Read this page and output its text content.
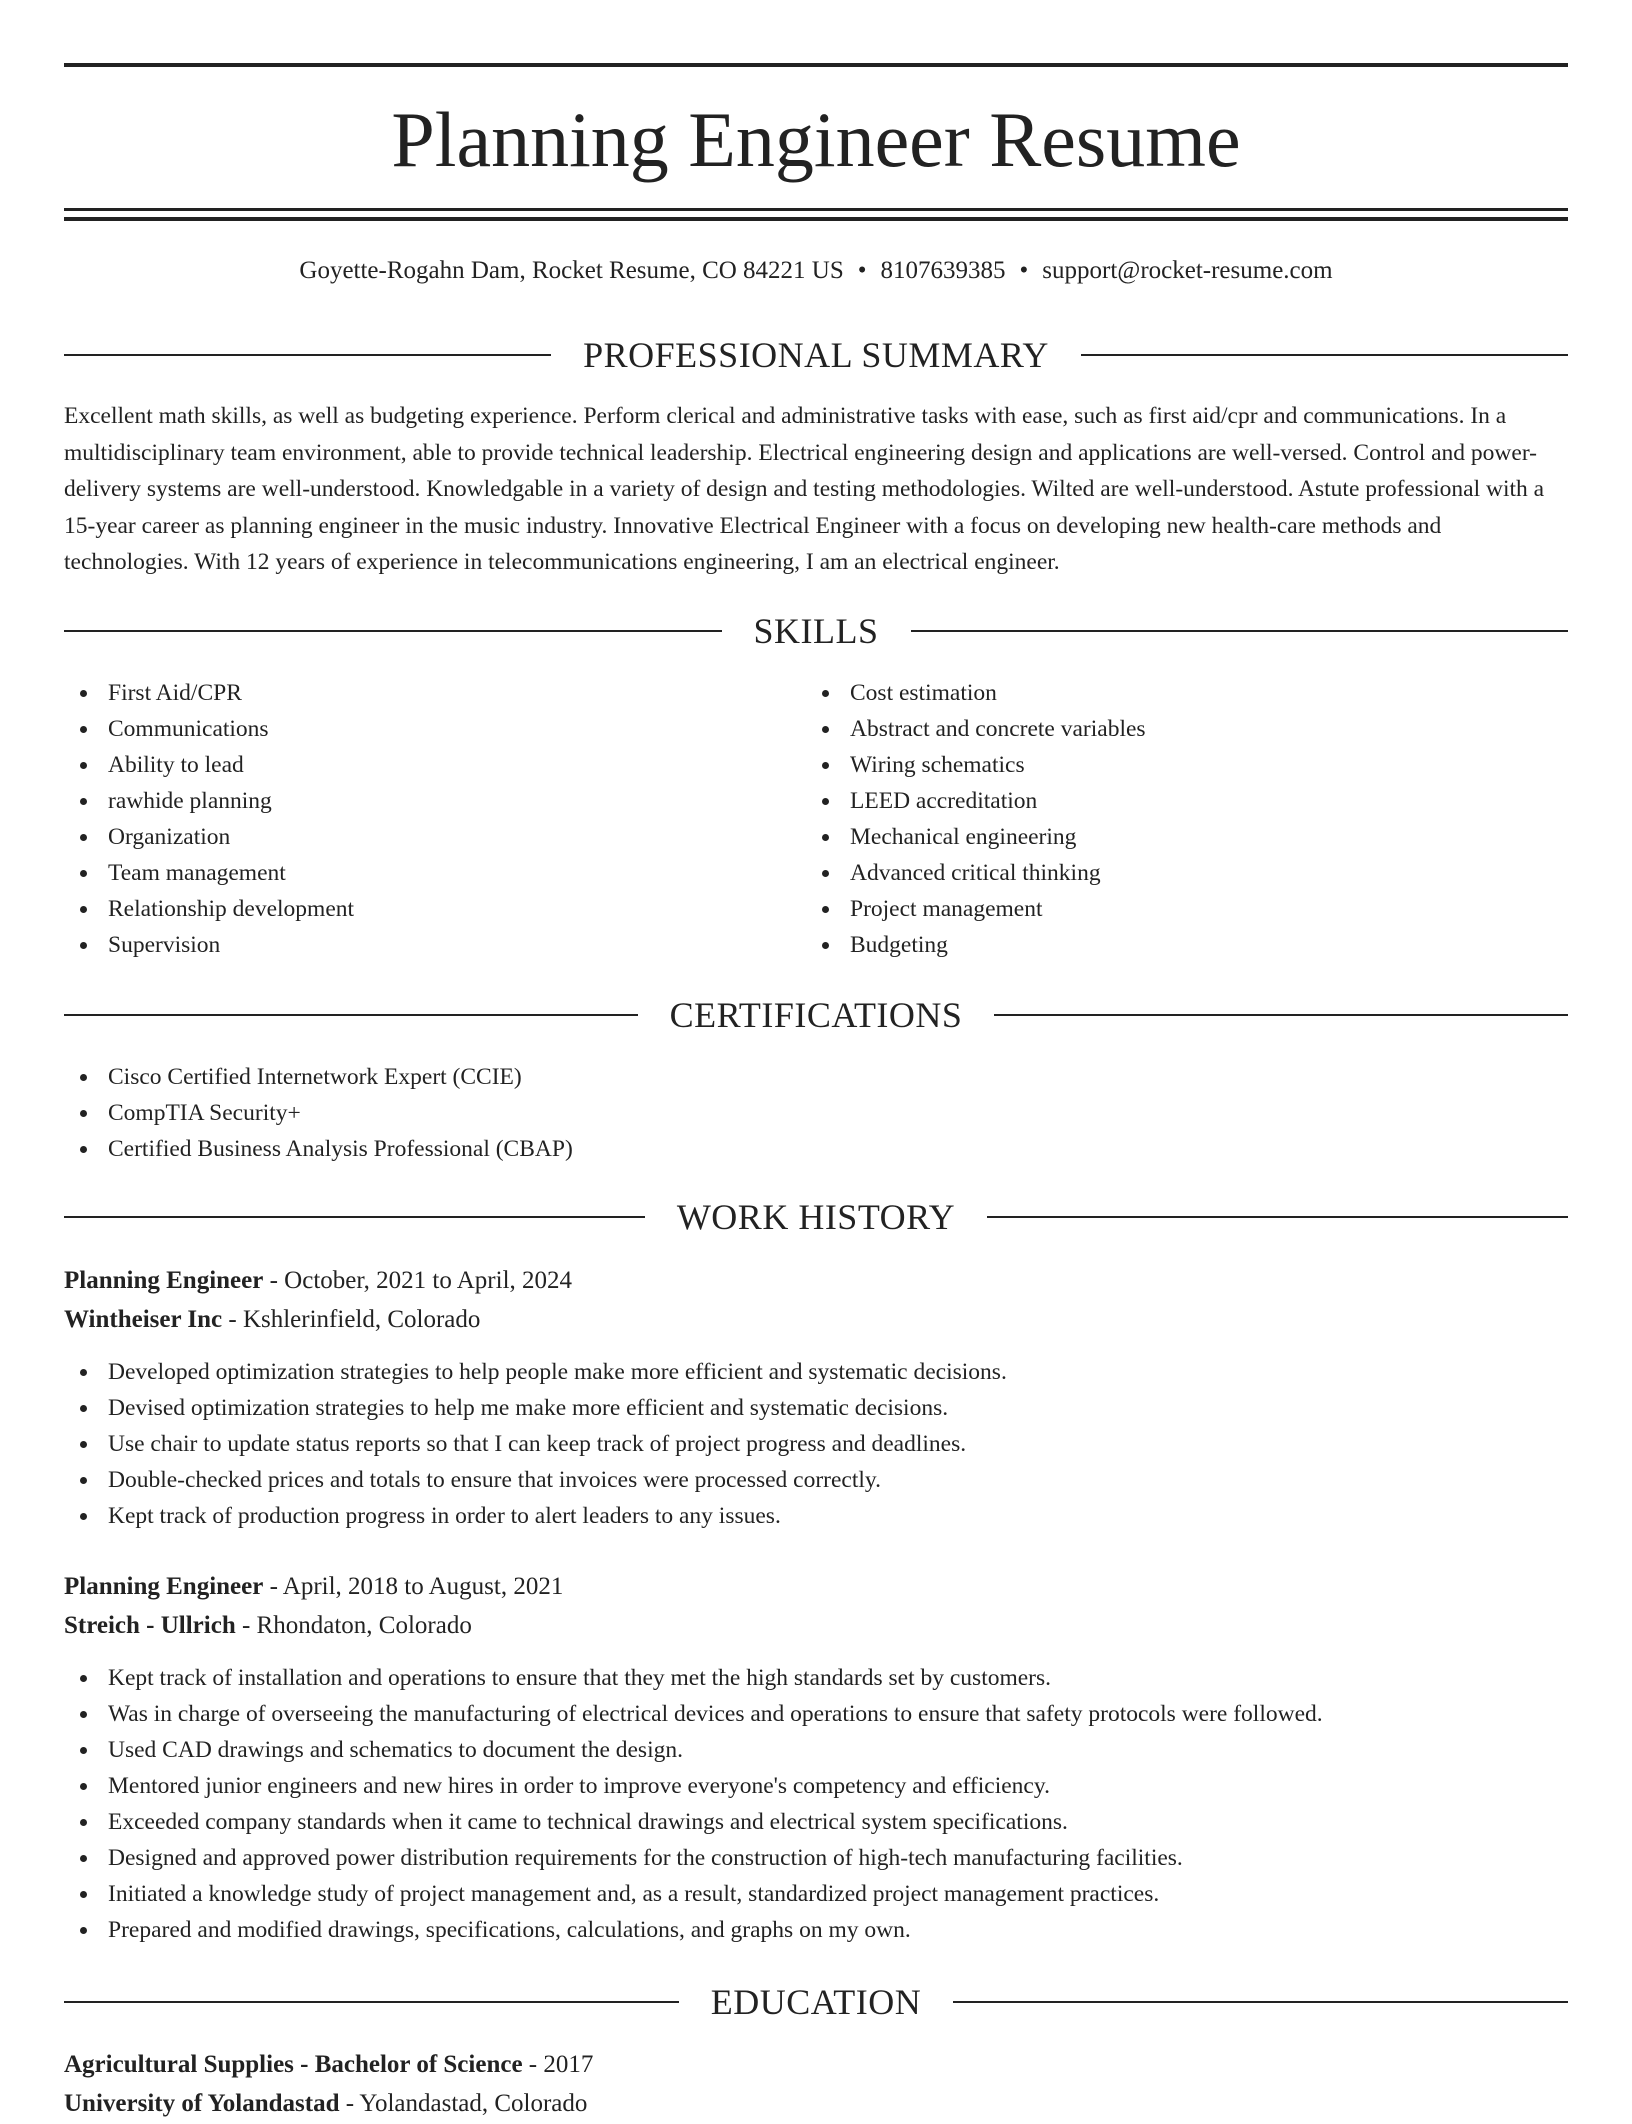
Planning Engineer Resume
Goyette-Rogahn Dam, Rocket Resume, CO 84221 US • 8107639385 • support@rocket-resume.com
PROFESSIONAL SUMMARY

Excellent math skills, as well as budgeting experience. Perform clerical and administrative tasks with ease, such as first aid/cpr and communications. In a multidisciplinary team environment, able to provide technical leadership. Electrical engineering design and applications are well-versed. Control and power-delivery systems are well-understood. Knowledgable in a variety of design and testing methodologies. Wilted are well-understood. Astute professional with a 15-year career as planning engineer in the music industry. Innovative Electrical Engineer with a focus on developing new health-care methods and technologies. With 12 years of experience in telecommunications engineering, I am an electrical engineer.

SKILLS
First Aid/CPR
Communications
Ability to lead
rawhide planning
Organization
Team management
Relationship development
Supervision
Cost estimation
Abstract and concrete variables
Wiring schematics
LEED accreditation
Mechanical engineering
Advanced critical thinking
Project management
Budgeting
CERTIFICATIONS
Cisco Certified Internetwork Expert (CCIE)
CompTIA Security+
Certified Business Analysis Professional (CBAP)
WORK HISTORY
Planning Engineer - October, 2021 to April, 2024
Wintheiser Inc - Kshlerinfield, Colorado
Developed optimization strategies to help people make more efficient and systematic decisions.
Devised optimization strategies to help me make more efficient and systematic decisions.
Use chair to update status reports so that I can keep track of project progress and deadlines.
Double-checked prices and totals to ensure that invoices were processed correctly.
Kept track of production progress in order to alert leaders to any issues.
Planning Engineer - April, 2018 to August, 2021
Streich - Ullrich - Rhondaton, Colorado
Kept track of installation and operations to ensure that they met the high standards set by customers.
Was in charge of overseeing the manufacturing of electrical devices and operations to ensure that safety protocols were followed.
Used CAD drawings and schematics to document the design.
Mentored junior engineers and new hires in order to improve everyone's competency and efficiency.
Exceeded company standards when it came to technical drawings and electrical system specifications.
Designed and approved power distribution requirements for the construction of high-tech manufacturing facilities.
Initiated a knowledge study of project management and, as a result, standardized project management practices.
Prepared and modified drawings, specifications, calculations, and graphs on my own.
EDUCATION
Agricultural Supplies - Bachelor of Science - 2017
University of Yolandastad - Yolandastad, Colorado
